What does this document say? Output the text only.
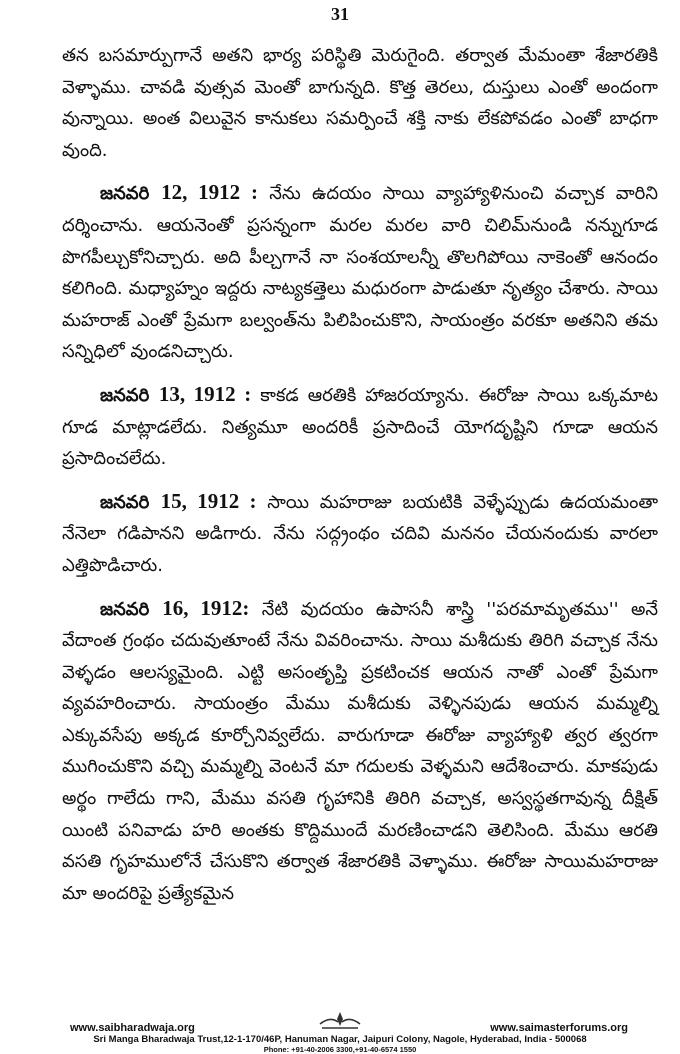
31

తన బసమార్పుగానే అతని భార్య పరిస్థితి మెరుగైంది. తర్వాత మేమంతా శేజారతికి వెళ్ళాము. చావడి వుత్సవ మెంతో బాగున్నది. కొత్త తెరలు, దుస్తులు ఎంతో అందంగా వున్నాయి. అంత విలువైన కానుకలు సమర్పించే శక్తి నాకు లేకపోవడం ఎంతో బాధగా వుంది.

జనవరి 12, 1912 : నేను ఉదయం సాయి వ్యాహ్యాళినుంచి వచ్చాక వారిని దర్శించాను. ఆయనెంతో ప్రసన్నంగా మరల మరల వారి చిలిమ్‌నుండి నన్నుగూడ పొగపీల్చుకోనిచ్చారు. అది పీల్చగానే నా సంశయాలన్నీ తొలగిపోయి నాకెంతో ఆనందం కలిగింది. మధ్యాహ్నం ఇద్దరు నాట్యకత్తెలు మధురంగా పాడుతూ నృత్యం చేశారు. సాయి మహరాజ్ ఎంతో ప్రేమగా బల్వంత్‌ను పిలిపించుకొని, సాయంత్రం వరకూ అతనిని తమ సన్నిధిలో వుండనిచ్చారు.

జనవరి 13, 1912 : కాకడ ఆరతికి హాజరయ్యాను. ఈరోజు సాయి ఒక్కమాట గూడ మాట్లాడలేదు. నిత్యమూ అందరికీ ప్రసాదించే యోగదృష్టిని గూడా ఆయన ప్రసాదించలేదు.

జనవరి 15, 1912 : సాయి మహరాజు బయటికి వెళ్ళేప్పుడు ఉదయమంతా నేనెలా గడిపానని అడిగారు. నేను సద్గ్రంథం చదివి మననం చేయనందుకు వారలా ఎత్తిపొడిచారు.

జనవరి 16, 1912: నేటి వుదయం ఉపాసనీ శాస్త్రి ''పరమామృతము'' అనే వేదాంత గ్రంథం చదువుతూంటే నేను వివరించాను. సాయి మశీదుకు తిరిగి వచ్చాక నేను వెళ్ళడం ఆలస్యమైంది. ఎట్టి అసంతృప్తి ప్రకటించక ఆయన నాతో ఎంతో ప్రేమగా వ్యవహరించారు. సాయంత్రం మేము మశీదుకు వెళ్ళినపుడు ఆయన మమ్మల్ని ఎక్కువసేపు అక్కడ కూర్చోనివ్వలేదు. వారుగూడా ఈరోజు వ్యాహ్యాళి త్వర త్వరగా ముగించుకొని వచ్చి మమ్మల్ని వెంటనే మా గదులకు వెళ్ళమని ఆదేశించారు. మాకపుడు అర్థం గాలేదు గాని, మేము వసతి గృహానికి తిరిగి వచ్చాక, అస్వస్థతగావున్న దీక్షిత్ యింటి పనివాడు హరి అంతకు కొద్దిముందే మరణించాడని తెలిసింది. మేము ఆరతి వసతి గృహములోనే చేసుకొని తర్వాత శేజారతికి వెళ్ళాము. ఈరోజు సాయిమహరాజు మా అందరిపై ప్రత్యేకమైన

www.saibharadwaja.org	www.saimasterforums.org
Sri Manga Bharadwaja Trust,12-1-170/46P, Hanuman Nagar, Jaipuri Colony, Nagole, Hyderabad, India - 500068
Phone: +91-40-2006 3300,+91-40-6574 1550
